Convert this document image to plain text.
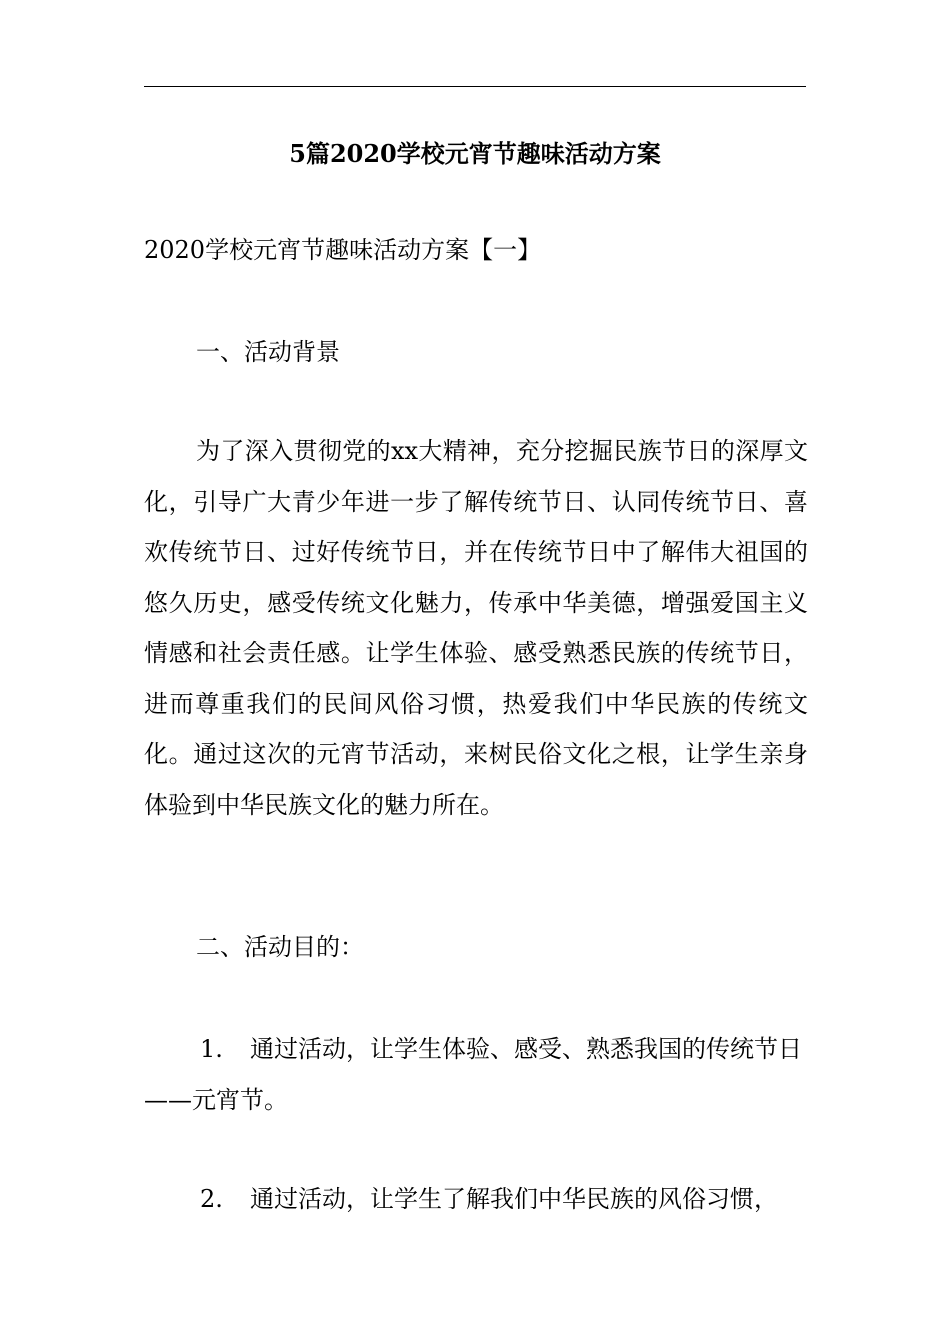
5篇2020学校元宵节趣味活动方案

2020学校元宵节趣味活动方案【一】

一、活动背景

为了深入贯彻党的xx大精神，充分挖掘民族节日的深厚文化，引导广大青少年进一步了解传统节日、认同传统节日、喜欢传统节日、过好传统节日，并在传统节日中了解伟大祖国的悠久历史，感受传统文化魅力，传承中华美德，增强爱国主义情感和社会责任感。让学生体验、感受熟悉民族的传统节日，进而尊重我们的民间风俗习惯，热爱我们中华民族的传统文化。通过这次的元宵节活动，来树民俗文化之根，让学生亲身体验到中华民族文化的魅力所在。

二、活动目的：

1. 通过活动，让学生体验、感受、熟悉我国的传统节日——元宵节。

2. 通过活动，让学生了解我们中华民族的风俗习惯，
